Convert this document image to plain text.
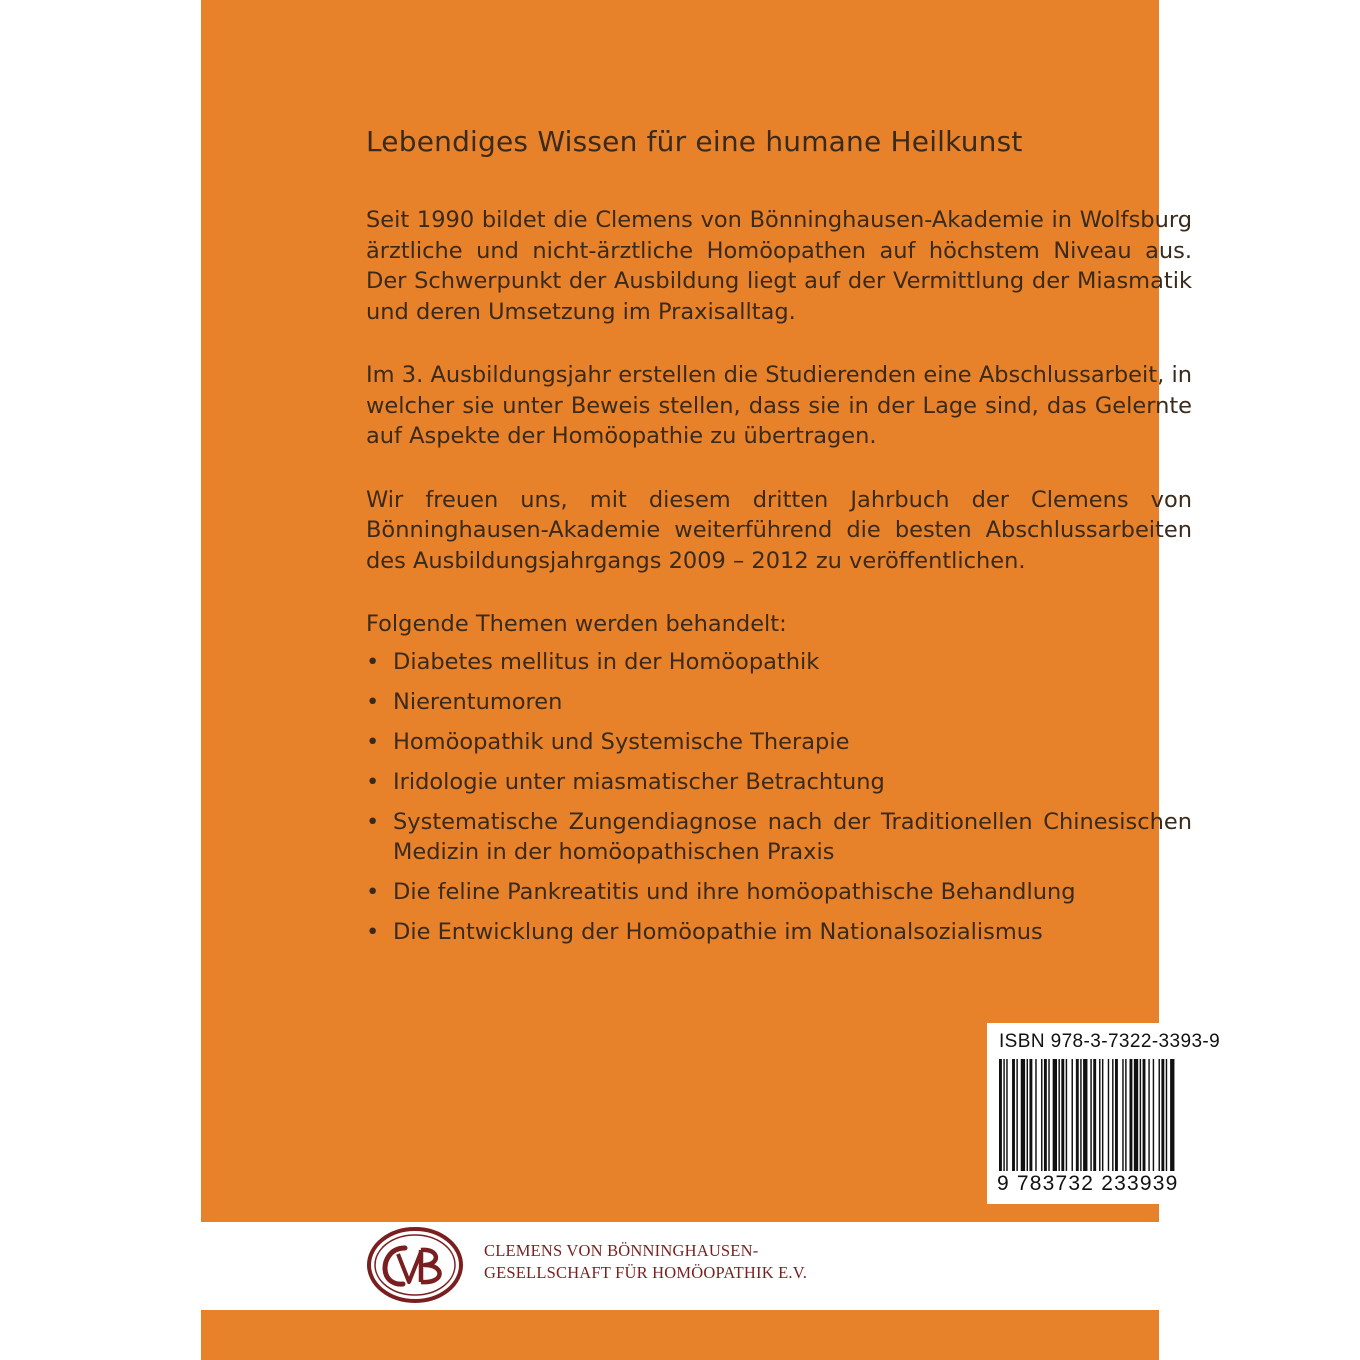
Lebendiges Wissen für eine humane Heilkunst

Seit 1990 bildet die Clemens von Bönninghausen-Akademie in Wolfsburg ärztliche und nicht-ärztliche Homöopathen auf höchstem Niveau aus. Der Schwerpunkt der Ausbildung liegt auf der Vermittlung der Miasmatik und deren Umsetzung im Praxisalltag.

Im 3. Ausbildungsjahr erstellen die Studierenden eine Abschlussarbeit, in welcher sie unter Beweis stellen, dass sie in der Lage sind, das Gelernte auf Aspekte der Homöopathie zu übertragen.

Wir freuen uns, mit diesem dritten Jahrbuch der Clemens von Bönninghausen-Akademie weiterführend die besten Abschlussarbeiten des Ausbildungsjahrgangs 2009 – 2012 zu veröffentlichen.

Folgende Themen werden behandelt:
• Diabetes mellitus in der Homöopathik
• Nierentumoren
• Homöopathik und Systemische Therapie
• Iridologie unter miasmatischer Betrachtung
• Systematische Zungendiagnose nach der Traditionellen Chinesischen Medizin in der homöopathischen Praxis
• Die feline Pankreatitis und ihre homöopathische Behandlung
• Die Entwicklung der Homöopathie im Nationalsozialismus
ISBN 978-3-7322-3393-9
9 783732 233939
CLEMENS VON BÖNNINGHAUSEN-
GESELLSCHAFT FÜR HOMÖOPATHIK E.V.
